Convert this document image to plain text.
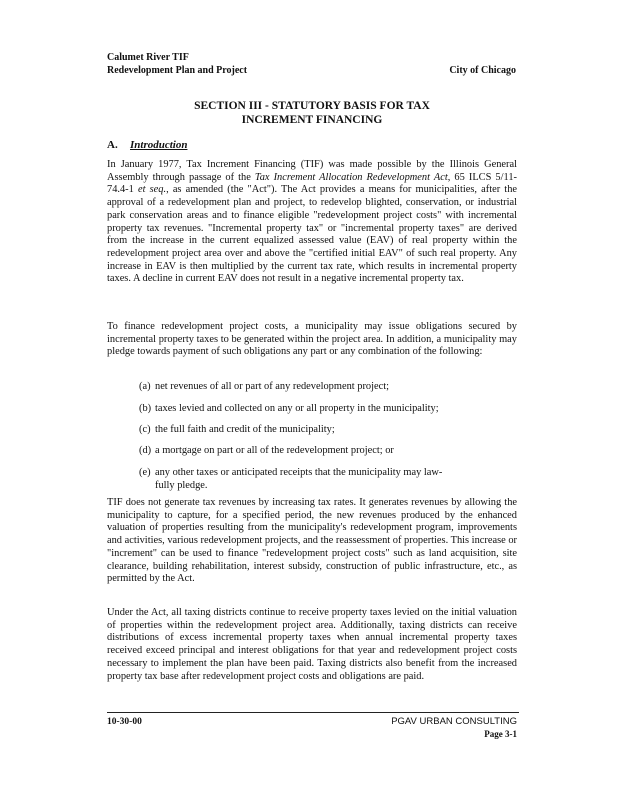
Calumet River TIF
Redevelopment Plan and Project	City of Chicago
SECTION III - STATUTORY BASIS FOR TAX
INCREMENT FINANCING
A. Introduction

In January 1977, Tax Increment Financing (TIF) was made possible by the Illinois General Assembly through passage of the Tax Increment Allocation Redevelopment Act, 65 ILCS 5/11-74.4-1 et seq., as amended (the "Act"). The Act provides a means for municipalities, after the approval of a redevelopment plan and project, to redevelop blighted, conservation, or industrial park conservation areas and to finance eligible "redevelopment project costs" with incremental property tax revenues. "Incremental property tax" or "incremental property taxes" are derived from the increase in the current equalized assessed value (EAV) of real property within the redevelopment project area over and above the "certified initial EAV" of such real property. Any increase in EAV is then multiplied by the current tax rate, which results in incremental property taxes. A decline in current EAV does not result in a negative incremental property tax.

To finance redevelopment project costs, a municipality may issue obligations secured by incremental property taxes to be generated within the project area. In addition, a municipality may pledge towards payment of such obligations any part or any combination of the following:

(a) net revenues of all or part of any redevelopment project;
(b) taxes levied and collected on any or all property in the municipality;
(c) the full faith and credit of the municipality;
(d) a mortgage on part or all of the redevelopment project; or
(e) any other taxes or anticipated receipts that the municipality may law-
fully pledge.

TIF does not generate tax revenues by increasing tax rates. It generates revenues by allowing the municipality to capture, for a specified period, the new revenues produced by the enhanced valuation of properties resulting from the municipality's redevelopment program, improvements and activities, various redevelopment projects, and the reassessment of properties. This increase or "increment" can be used to finance "redevelopment project costs" such as land acquisition, site clearance, building rehabilitation, interest subsidy, construction of public infrastructure, etc., as permitted by the Act.

Under the Act, all taxing districts continue to receive property taxes levied on the initial valuation of properties within the redevelopment project area. Additionally, taxing districts can receive distributions of excess incremental property taxes when annual incremental property taxes received exceed principal and interest obligations for that year and redevelopment project costs necessary to implement the plan have been paid. Taxing districts also benefit from the increased property tax base after redevelopment project costs and obligations are paid.

10-30-00	PGAV URBAN CONSULTING
Page 3-1
